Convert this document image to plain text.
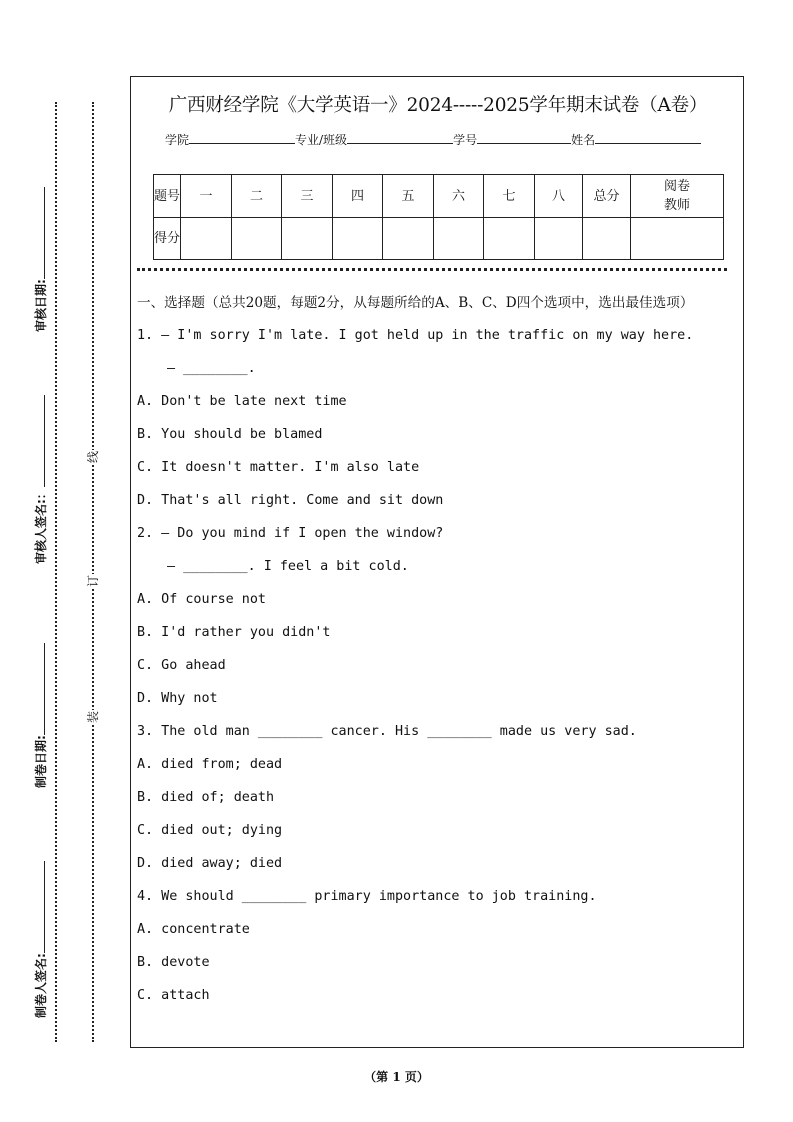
线
订
装
审核日期:
审核人签名:：
制卷日期:
制卷人签名:
广西财经学院《大学英语一》2024-----2025学年期末试卷（A卷）
学院	专业/班级	学号	姓名
题号	一	二	三	四	五	六	七	八	总分	阅卷教师
得分										
一、选择题（总共20题，每题2分，从每题所给的A、B、C、D四个选项中，选出最佳选项）
1. — I'm sorry I'm late. I got held up in the traffic on my way here.
— ________.
A. Don't be late next time
B. You should be blamed
C. It doesn't matter. I'm also late
D. That's all right. Come and sit down
2. — Do you mind if I open the window?
— ________. I feel a bit cold.
A. Of course not
B. I'd rather you didn't
C. Go ahead
D. Why not
3. The old man ________ cancer. His ________ made us very sad.
A. died from; dead
B. died of; death
C. died out; dying
D. died away; died
4. We should ________ primary importance to job training.
A. concentrate
B. devote
C. attach
（第 1 页）
